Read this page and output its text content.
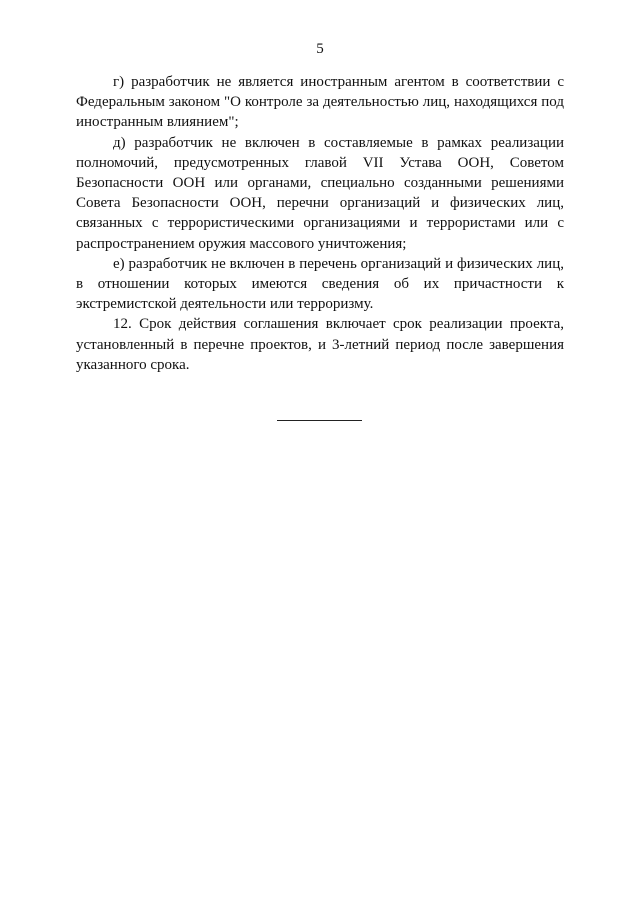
5

г) разработчик не является иностранным агентом в соответствии с Федеральным законом "О контроле за деятельностью лиц, находящихся под иностранным влиянием";

д) разработчик не включен в составляемые в рамках реализации полномочий, предусмотренных главой VII Устава ООН, Советом Безопасности ООН или органами, специально созданными решениями Совета Безопасности ООН, перечни организаций и физических лиц, связанных с террористическими организациями и террористами или с распространением оружия массового уничтожения;

е) разработчик не включен в перечень организаций и физических лиц, в отношении которых имеются сведения об их причастности к экстремистской деятельности или терроризму.

12. Срок действия соглашения включает срок реализации проекта, установленный в перечне проектов, и 3-летний период после завершения указанного срока.
